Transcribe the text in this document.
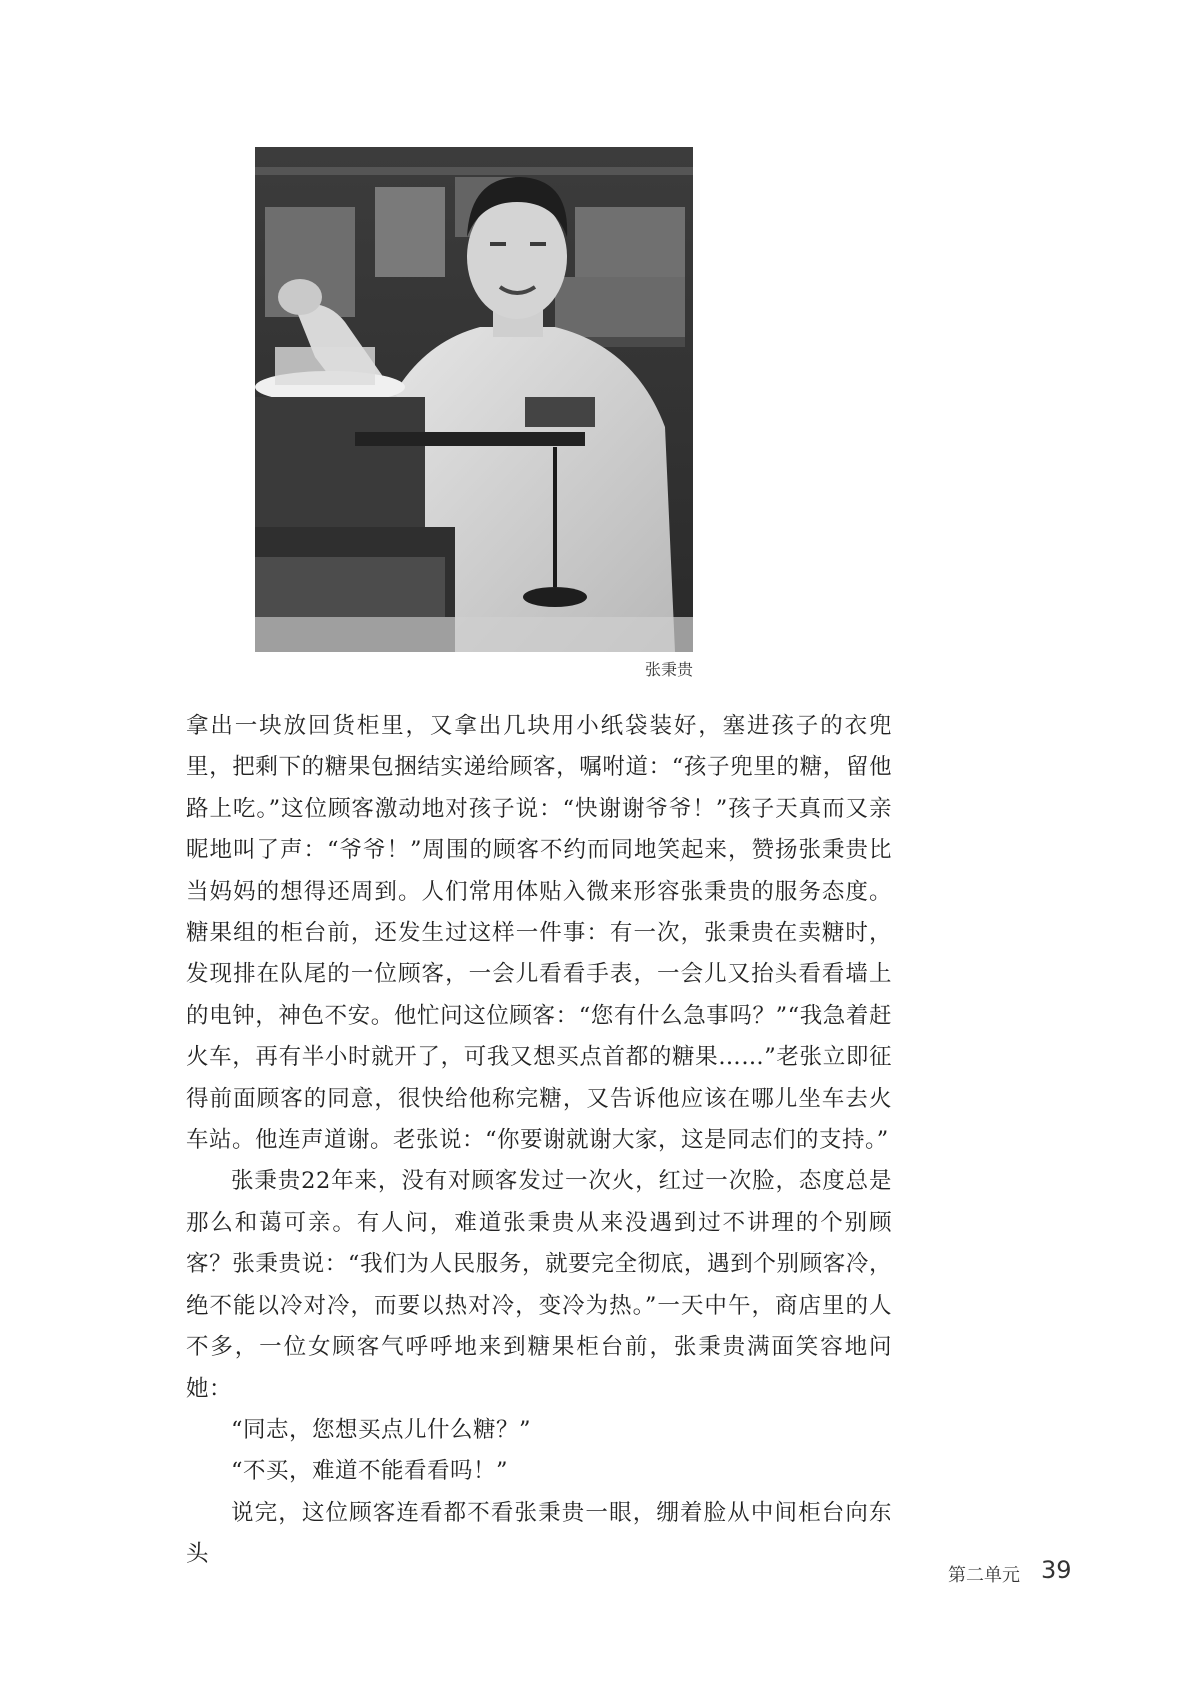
张秉贵

拿出一块放回货柜里，又拿出几块用小纸袋装好，塞进孩子的衣兜里，把剩下的糖果包捆结实递给顾客，嘱咐道：“孩子兜里的糖，留他路上吃。”这位顾客激动地对孩子说：“快谢谢爷爷！”孩子天真而又亲昵地叫了声：“爷爷！”周围的顾客不约而同地笑起来，赞扬张秉贵比当妈妈的想得还周到。人们常用体贴入微来形容张秉贵的服务态度。糖果组的柜台前，还发生过这样一件事：有一次，张秉贵在卖糖时，发现排在队尾的一位顾客，一会儿看看手表，一会儿又抬头看看墙上的电钟，神色不安。他忙问这位顾客：“您有什么急事吗？”“我急着赶火车，再有半小时就开了，可我又想买点首都的糖果……”老张立即征得前面顾客的同意，很快给他称完糖，又告诉他应该在哪儿坐车去火车站。他连声道谢。老张说：“你要谢就谢大家，这是同志们的支持。”

张秉贵22年来，没有对顾客发过一次火，红过一次脸，态度总是那么和蔼可亲。有人问，难道张秉贵从来没遇到过不讲理的个别顾客？张秉贵说：“我们为人民服务，就要完全彻底，遇到个别顾客冷，绝不能以冷对冷，而要以热对冷，变冷为热。”一天中午，商店里的人不多，一位女顾客气呼呼地来到糖果柜台前，张秉贵满面笑容地问她：

“同志，您想买点儿什么糖？”

“不买，难道不能看看吗！”

说完，这位顾客连看都不看张秉贵一眼，绷着脸从中间柜台向东头

第二单元 39
